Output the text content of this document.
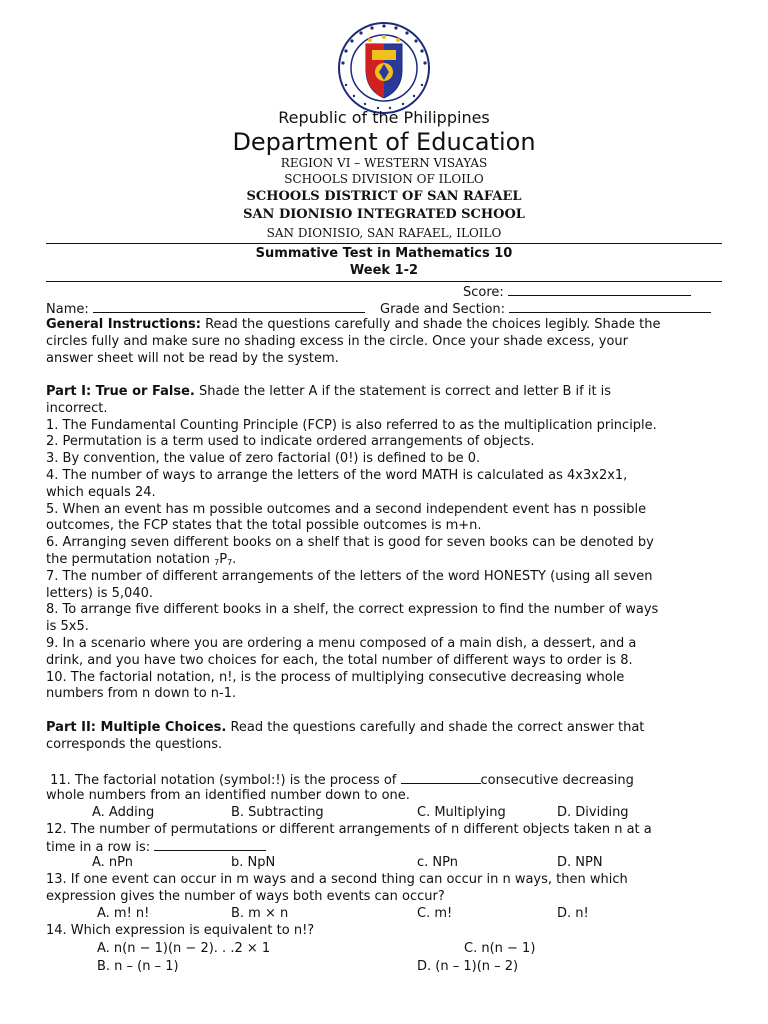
Republic of the Philippines
Department of Education
REGION VI – WESTERN VISAYAS
SCHOOLS DIVISION OF ILOILO
SCHOOLS DISTRICT OF SAN RAFAEL
SAN DIONISIO INTEGRATED SCHOOL
SAN DIONISIO, SAN RAFAEL, ILOILO
Summative Test in Mathematics 10
Week 1-2
Score:
Name:	Grade and Section:
General Instructions: Read the questions carefully and shade the choices legibly. Shade the
circles fully and make sure no shading excess in the circle. Once your shade excess, your
answer sheet will not be read by the system.
Part I: True or False. Shade the letter A if the statement is correct and letter B if it is
incorrect.
1. The Fundamental Counting Principle (FCP) is also referred to as the multiplication principle.
2. Permutation is a term used to indicate ordered arrangements of objects.
3. By convention, the value of zero factorial (0!) is defined to be 0.
4. The number of ways to arrange the letters of the word MATH is calculated as 4x3x2x1,
which equals 24.
5. When an event has m possible outcomes and a second independent event has n possible
outcomes, the FCP states that the total possible outcomes is m+n.
6. Arranging seven different books on a shelf that is good for seven books can be denoted by
the permutation notation $_7P_7$.
7. The number of different arrangements of the letters of the word HONESTY (using all seven
letters) is 5,040.
8. To arrange five different books in a shelf, the correct expression to find the number of ways
is 5x5.
9. In a scenario where you are ordering a menu composed of a main dish, a dessert, and a
drink, and you have two choices for each, the total number of different ways to order is 8.
10. The factorial notation, n!, is the process of multiplying consecutive decreasing whole
numbers from n down to n-1.
Part II: Multiple Choices. Read the questions carefully and shade the correct answer that
corresponds the questions.
11. The factorial notation (symbol:!) is the process of	consecutive decreasing
whole numbers from an identified number down to one.
A. Adding	B. Subtracting	C. Multiplying	D. Dividing
12. The number of permutations or different arrangements of n different objects taken n at a
time in a row is:
A. nPn	b. NpN	c. NPn	D. NPN
13. If one event can occur in m ways and a second thing can occur in n ways, then which
expression gives the number of ways both events can occur?
A. m! n!	B. m × n	C. m!	D. n!
14. Which expression is equivalent to n!?
A. n(n − 1)(n − 2). . .2 × 1	C. n(n − 1)
B. n – (n – 1)	D. (n – 1)(n – 2)
